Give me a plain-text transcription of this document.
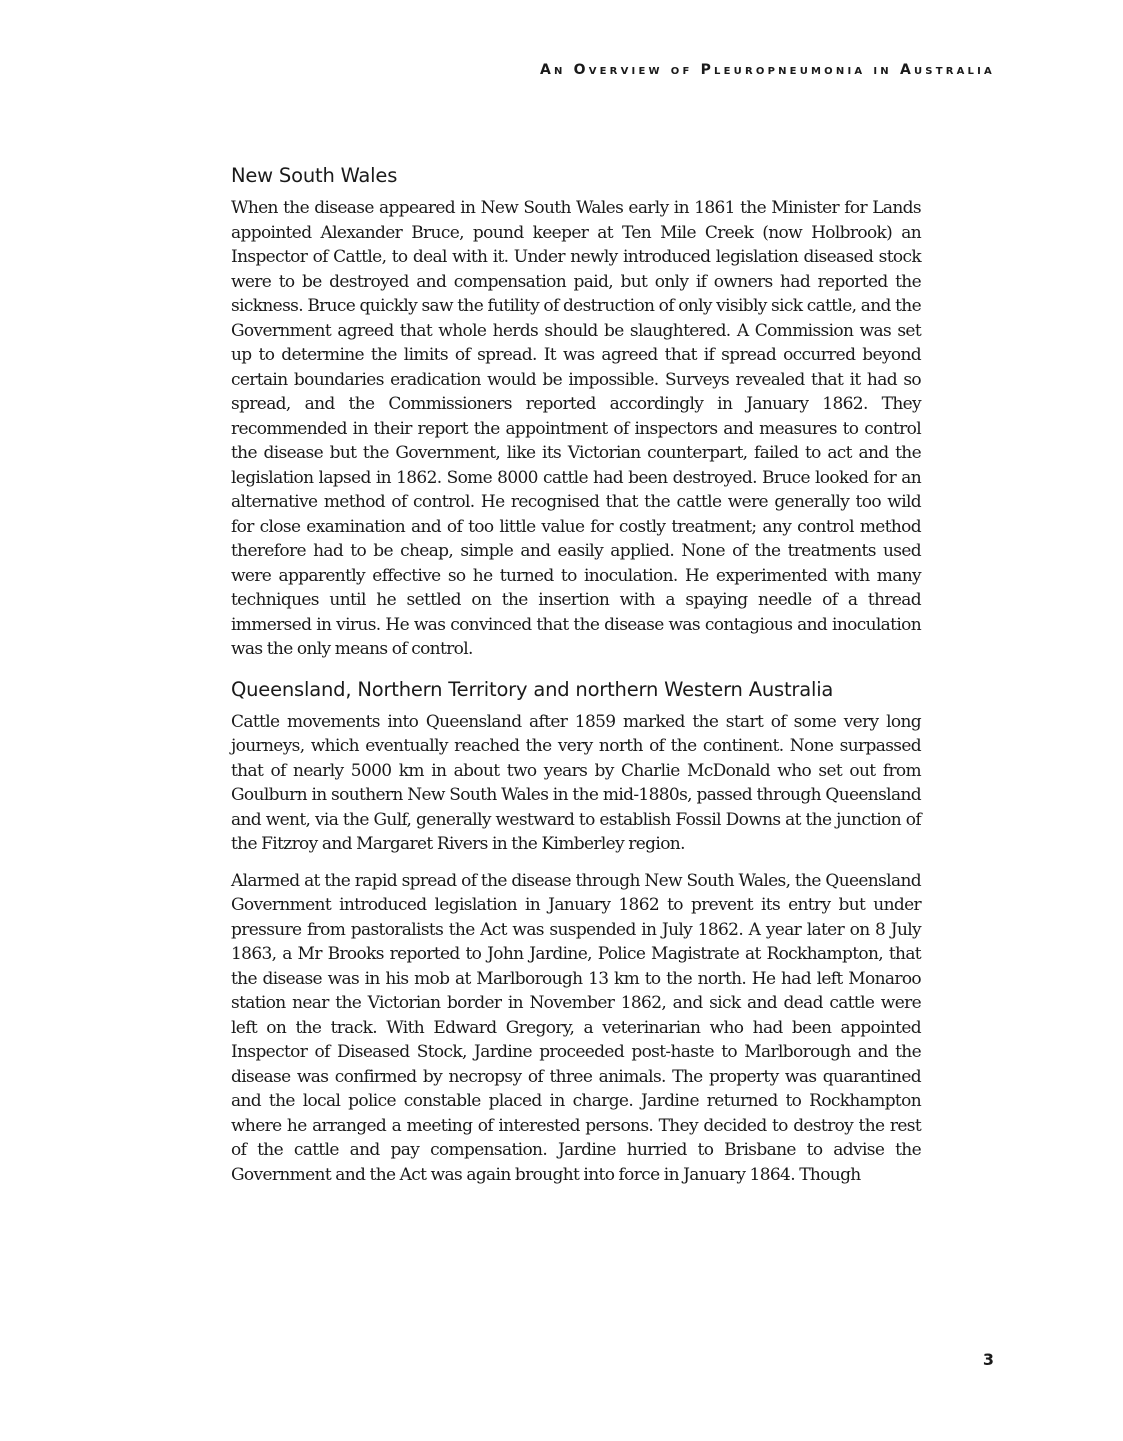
An Overview of Pleuropneumonia in Australia
New South Wales

When the disease appeared in New South Wales early in 1861 the Minister for Lands appointed Alexander Bruce, pound keeper at Ten Mile Creek (now Holbrook) an Inspector of Cattle, to deal with it. Under newly introduced legislation diseased stock were to be destroyed and compensation paid, but only if owners had reported the sickness. Bruce quickly saw the futility of destruction of only visibly sick cattle, and the Government agreed that whole herds should be slaughtered. A Commission was set up to determine the limits of spread. It was agreed that if spread occurred beyond certain boundaries eradication would be impossible. Surveys revealed that it had so spread, and the Commissioners reported accordingly in January 1862. They recommended in their report the appointment of inspectors and measures to control the disease but the Government, like its Victorian counterpart, failed to act and the legislation lapsed in 1862. Some 8000 cattle had been destroyed. Bruce looked for an alternative method of control. He recognised that the cattle were generally too wild for close examination and of too little value for costly treatment; any control method therefore had to be cheap, simple and easily applied. None of the treatments used were apparently effective so he turned to inoculation. He experimented with many techniques until he settled on the insertion with a spaying needle of a thread immersed in virus. He was convinced that the disease was contagious and inoculation was the only means of control.

Queensland, Northern Territory and northern Western Australia

Cattle movements into Queensland after 1859 marked the start of some very long journeys, which eventually reached the very north of the continent. None surpassed that of nearly 5000 km in about two years by Charlie McDonald who set out from Goulburn in southern New South Wales in the mid-1880s, passed through Queensland and went, via the Gulf, generally westward to establish Fossil Downs at the junction of the Fitzroy and Margaret Rivers in the Kimberley region.

Alarmed at the rapid spread of the disease through New South Wales, the Queensland Government introduced legislation in January 1862 to prevent its entry but under pressure from pastoralists the Act was suspended in July 1862. A year later on 8 July 1863, a Mr Brooks reported to John Jardine, Police Magistrate at Rockhampton, that the disease was in his mob at Marlborough 13 km to the north. He had left Monaroo station near the Victorian border in November 1862, and sick and dead cattle were left on the track. With Edward Gregory, a veterinarian who had been appointed Inspector of Diseased Stock, Jardine proceeded post-haste to Marlborough and the disease was confirmed by necropsy of three animals. The property was quarantined and the local police constable placed in charge. Jardine returned to Rockhampton where he arranged a meeting of interested persons. They decided to destroy the rest of the cattle and pay compensation. Jardine hurried to Brisbane to advise the Government and the Act was again brought into force in January 1864. Though

3
